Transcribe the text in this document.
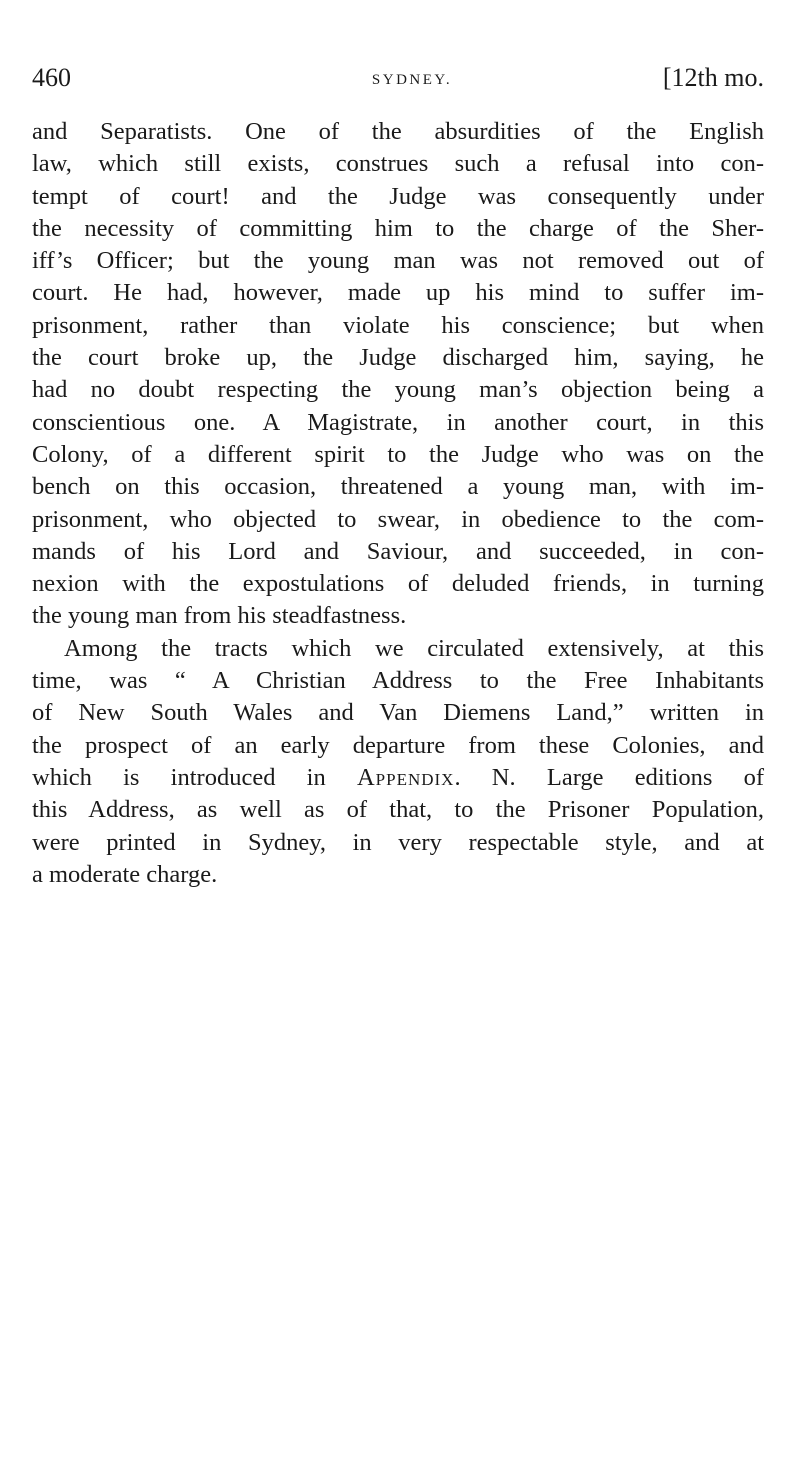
460	SYDNEY.	[12th mo.
and Separatists. One of the absurdities of the English
law, which still exists, construes such a refusal into con-
tempt of court! and the Judge was consequently under
the necessity of committing him to the charge of the Sher-
iff’s Officer; but the young man was not removed out of
court. He had, however, made up his mind to suffer im-
prisonment, rather than violate his conscience; but when
the court broke up, the Judge discharged him, saying, he
had no doubt respecting the young man’s objection being a
conscientious one. A Magistrate, in another court, in this
Colony, of a different spirit to the Judge who was on the
bench on this occasion, threatened a young man, with im-
prisonment, who objected to swear, in obedience to the com-
mands of his Lord and Saviour, and succeeded, in con-
nexion with the expostulations of deluded friends, in turning
the young man from his steadfastness.
Among the tracts which we circulated extensively, at this
time, was “ A Christian Address to the Free Inhabitants
of New South Wales and Van Diemens Land,” written in
the prospect of an early departure from these Colonies, and
which is introduced in Appendix. N. Large editions of
this Address, as well as of that, to the Prisoner Population,
were printed in Sydney, in very respectable style, and at
a moderate charge.
